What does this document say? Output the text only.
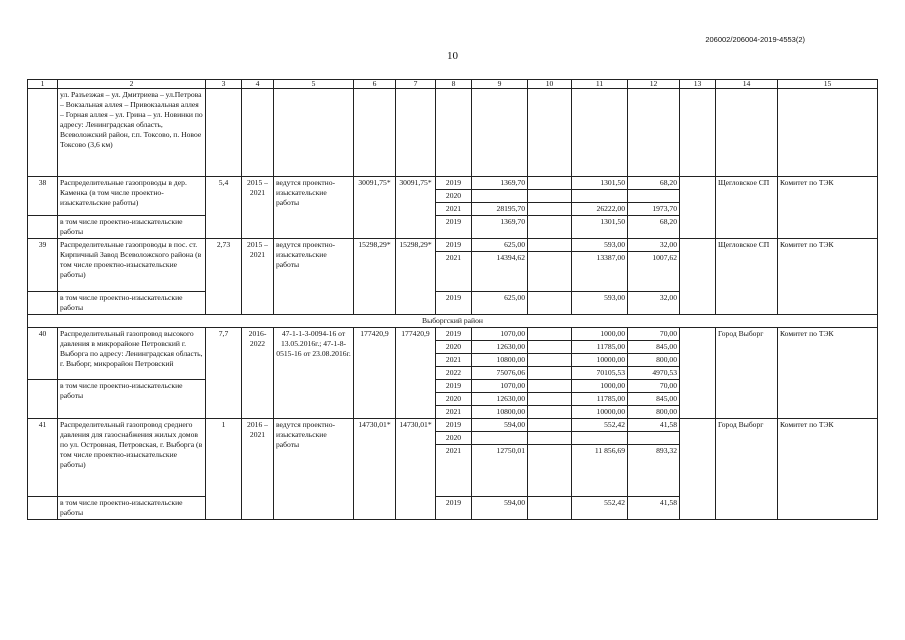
206002/206004-2019-4553(2)
10
1	2	3	4	5	6	7	8	9	10	11	12	13	14	15
	ул. Разъезжая – ул. Дмитриева – ул.Петрова – Вокзальная аллея – Привокзальная аллея – Горная аллея – ул. Грина – ул. Новинки по адресу: Ленинградская область, Всеволожский район, г.п. Токсово, п. Новое Токсово (3,6 км)													
38	Распределительные газопроводы в дер. Каменка (в том числе проектно-изыскательские работы)	5,4	2015 – 2021	ведутся проектно-изыскательские работы	30091,75*	30091,75*	2019	1369,70		1301,50	68,20		Щегловское СП	Комитет по ТЭК
							2020							
							2021	28195,70		26222,00	1973,70			
	в том числе проектно-изыскательские работы						2019	1369,70		1301,50	68,20			
39	Распределительные газопроводы в пос. ст. Кирпичный Завод Всеволожского района (в том числе проектно-изыскательские работы)	2,73	2015 – 2021	ведутся проектно-изыскательские работы	15298,29*	15298,29*	2019	625,00		593,00	32,00		Щегловское СП	Комитет по ТЭК
							2021	14394,62		13387,00	1007,62			
	в том числе проектно-изыскательские работы						2019	625,00		593,00	32,00			
Выборгский район														
40	Распределительный газопровод высокого давления в микрорайоне Петровский г. Выборга по адресу: Ленинградская область, г. Выборг, микрорайон Петровский	7,7	2016-2022	47-1-1-3-0094-16 от 13.05.2016г.; 47-1-8-0515-16 от 23.08.2016г.	177420,9	177420,9	2019	1070,00		1000,00	70,00		Город Выборг	Комитет по ТЭК
							2020	12630,00		11785,00	845,00			
							2021	10800,00		10000,00	800,00			
							2022	75076,06		70105,53	4970,53			
	в том числе проектно-изыскательские работы						2019	1070,00		1000,00	70,00			
							2020	12630,00		11785,00	845,00			
							2021	10800,00		10000,00	800,00			
41	Распределительный газопровод среднего давления для газоснабжения жилых домов по ул. Островная, Петровская, г. Выборга (в том числе проектно-изыскательские работы)	1	2016 – 2021	ведутся проектно-изыскательские работы	14730,01*	14730,01*	2019	594,00		552,42	41,58		Город Выборг	Комитет по ТЭК
							2020							
							2021	12750,01		11 856,69	893,32			
	в том числе проектно-изыскательские работы						2019	594,00		552,42	41,58			
